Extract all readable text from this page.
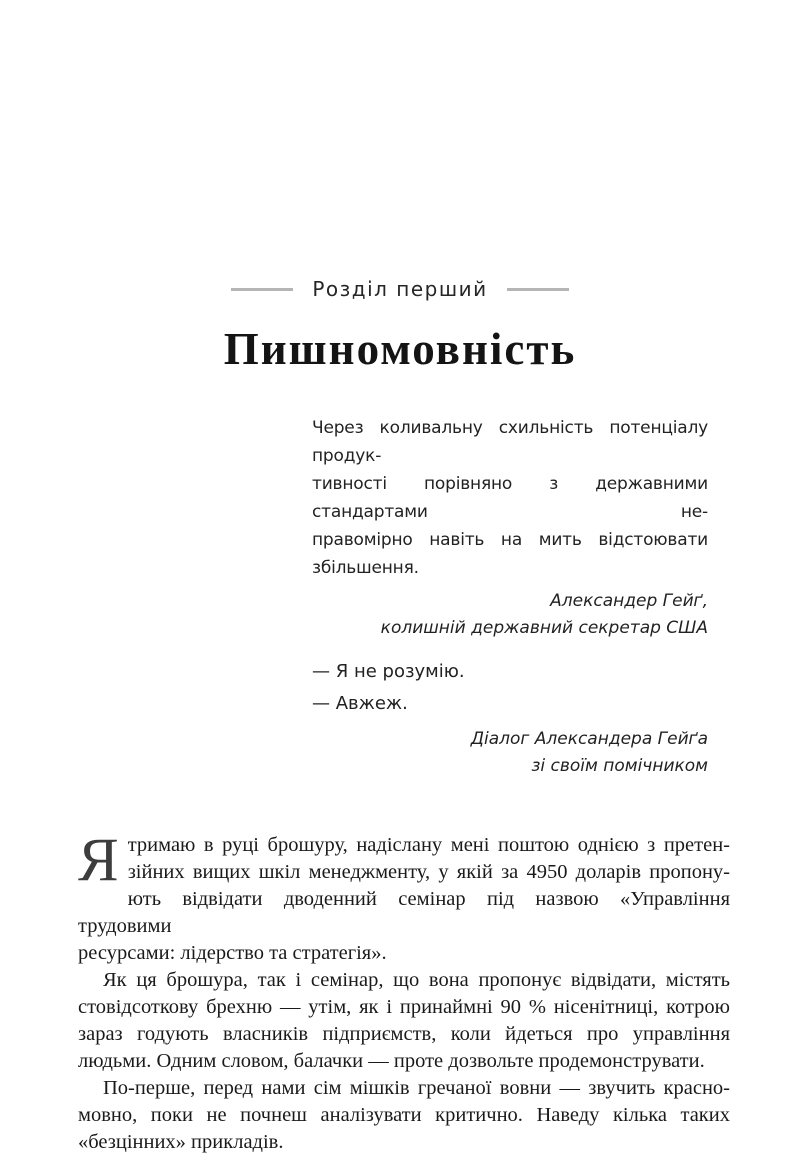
Розділ перший
Пишномовність
Через коливальну схильність потенціалу продук-
тивності порівняно з державними стандартами не-
правомірно навіть на мить відстоювати збільшення.
Александер Гейґ,
колишній державний секретар США
— Я не розумію.
— Авжеж.
Діалог Александера Гейґа
зі своїм помічником
Я тримаю в руці брошуру, надіслану мені поштою однією з претен-
зійних вищих шкіл менеджменту, у якій за 4950 доларів пропону-
ють відвідати дводенний семінар під назвою «Управління трудовими
ресурсами: лідерство та стратегія».
Як ця брошура, так і семінар, що вона пропонує відвідати, містять
стовідсоткову брехню — утім, як і принаймні 90 % нісенітниці, котрою
зараз годують власників підприємств, коли йдеться про управління
людьми. Одним словом, балачки — проте дозвольте продемонструвати.
По-перше, перед нами сім мішків гречаної вовни — звучить красно-
мовно, поки не почнеш аналізувати критично. Наведу кілька таких
«безцінних» прикладів.
